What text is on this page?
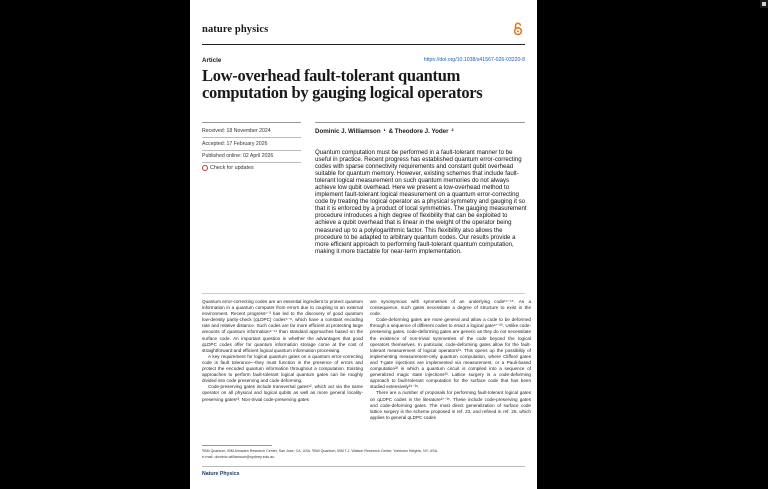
nature physics
Article	https://doi.org/10.1038/s41567-026-03220-8
Low-overhead fault-tolerant quantum computation by gauging logical operators
Received: 18 November 2024
Accepted: 17 February 2026
Published online: 02 April 2026
Check for updates
Dominic J. Williamson  ¹  & Theodore J. Yoder  ²

Quantum computation must be performed in a fault-tolerant manner to be useful in practice. Recent progress has established quantum error-correcting codes with sparse connectivity requirements and constant qubit overhead suitable for quantum memory. However, existing schemes that include fault-tolerant logical measurement on such quantum memories do not always achieve low qubit overhead. Here we present a low-overhead method to implement fault-tolerant logical measurement on a quantum error-correcting code by treating the logical operator as a physical symmetry and gauging it so that it is enforced by a product of local symmetries. The gauging measurement procedure introduces a high degree of flexibility that can be exploited to achieve a qubit overhead that is linear in the weight of the operator being measured up to a polylogarithmic factor. This flexibility also allows the procedure to be adapted to arbitrary quantum codes. Our results provide a more efficient approach to performing fault-tolerant quantum computation, making it more tractable for near-term implementation.

Quantum error-correcting codes are an essential ingredient to protect quantum information in a quantum computer from errors due to coupling to an external environment. Recent progress¹⁻³ has led to the discovery of good quantum low-density parity-check (qLDPC) codes⁴⁻⁸, which have a constant encoding rate and relative distance. Such codes are far more efficient at protecting large amounts of quantum information⁹⁻¹¹ than standard approaches based on the surface code. An important question is whether the advantages that good qLDPC codes offer for quantum information storage come at the cost of straightforward and efficient logical quantum information processing.

A key requirement for logical quantum gates on a quantum error-correcting code is fault tolerance—they must function in the presence of errors and protect the encoded quantum information throughout a computation. Existing approaches to perform fault-tolerant logical quantum gates can be roughly divided into code preserving and code deforming.

Code-preserving gates include transversal gates¹², which act via the same operator on all physical and logical qubits as well as more general locality-preserving gates¹³. Non-trivial code-preserving gates

are synonymous with symmetries of an underlying code¹⁴⁻¹⁶. As a consequence, such gates necessitate a degree of structure to exist in the code.

Code-deforming gates are more general and allow a code to be deformed through a sequence of different codes to enact a logical gate¹⁷⁻²⁰. Unlike code-preserving gates, code-deforming gates are generic as they do not necessitate the existence of non-trivial symmetries of the code beyond the logical operators themselves. In particular, code-deforming gates allow for the fault-tolerant measurement of logical operators²¹. This opens up the possibility of implementing measurement-only quantum computation, where Clifford gates and T-gate injections are implemented via measurement, or a Pauli-based computation²² in which a quantum circuit is compiled into a sequence of generalized magic state injections²³. Lattice surgery is a code-deforming approach to fault-tolerant computation for the surface code that has been studied extensively²⁴⁻²⁶.

There are a number of proposals for performing fault-tolerant logical gates on qLDPC codes in the literature²⁷⁻³⁵. These include code-preserving gates and code-deforming gates. The most direct generalization of surface code lattice surgery is the scheme proposed in ref. 23, and refined in ref. 26, which applies to general qLDPC codes

¹IBM Quantum, IBM Almaden Research Center, San Jose, CA, USA. ²IBM Quantum, IBM T.J. Watson Research Center, Yorktown Heights, NY, USA.
e-mail: dominic.williamson@sydney.edu.au
Nature Physics
